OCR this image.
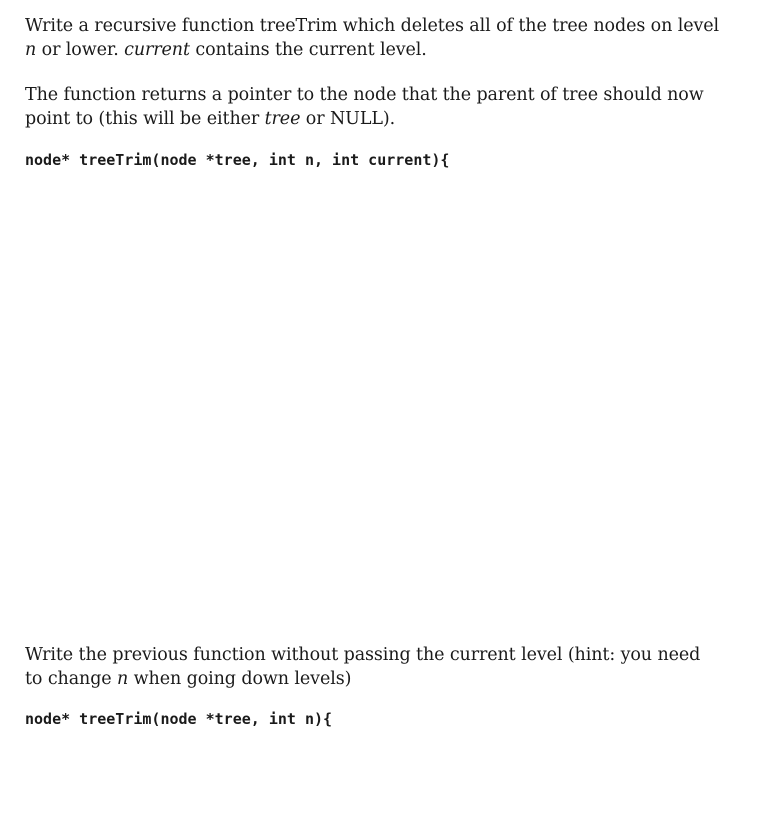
Write a recursive function treeTrim which deletes all of the tree nodes on level
n or lower. current contains the current level.
The function returns a pointer to the node that the parent of tree should now
point to (this will be either tree or NULL).
node* treeTrim(node *tree, int n, int current){
Write the previous function without passing the current level (hint: you need
to change n when going down levels)
node* treeTrim(node *tree, int n){
